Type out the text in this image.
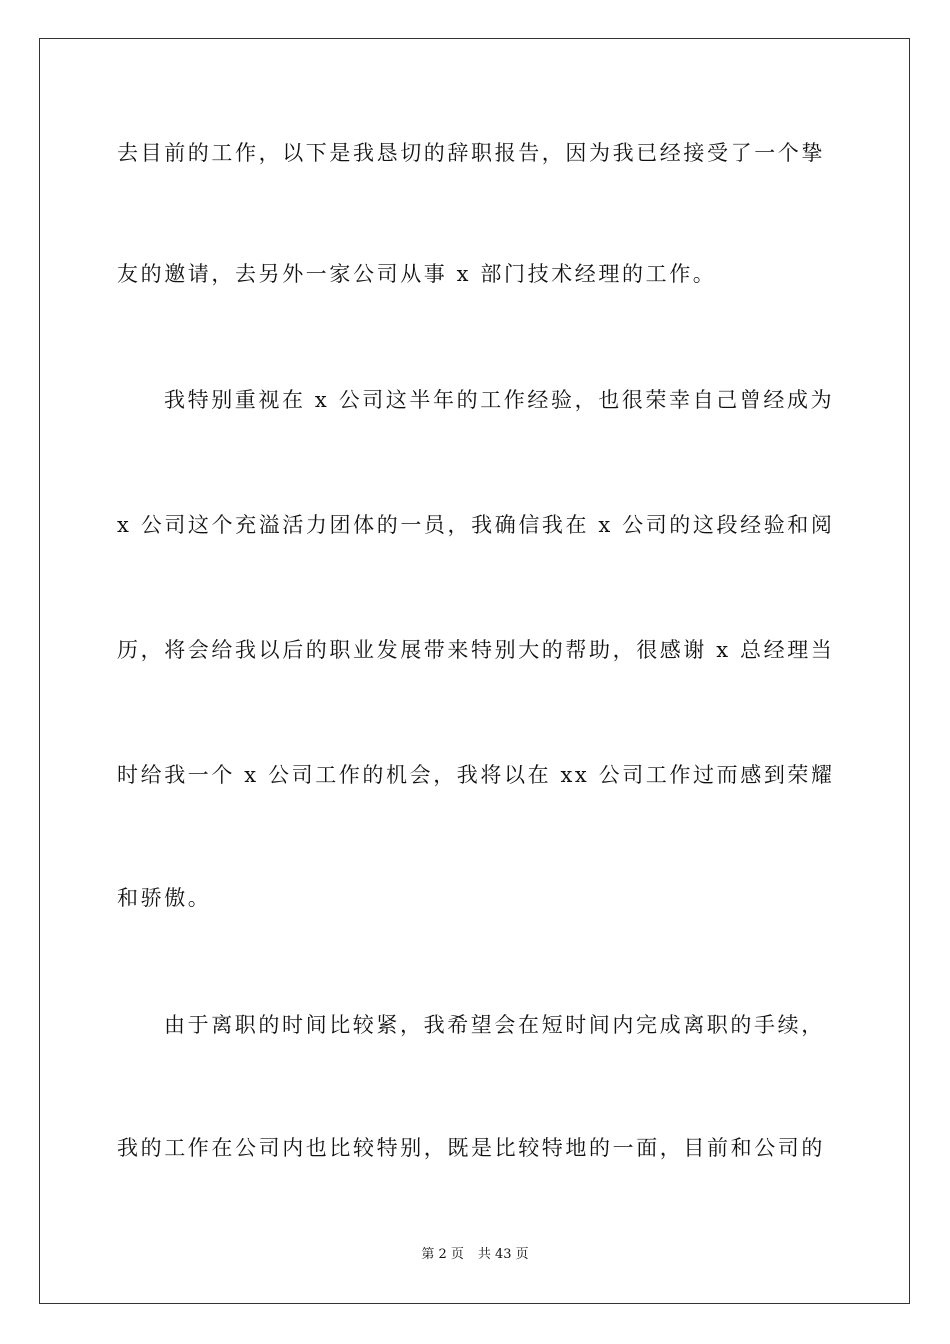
去目前的工作，以下是我恳切的辞职报告，因为我已经接受了一个挚
友的邀请，去另外一家公司从事 x 部门技术经理的工作。
我特别重视在 x 公司这半年的工作经验，也很荣幸自己曾经成为
x 公司这个充溢活力团体的一员，我确信我在 x 公司的这段经验和阅
历，将会给我以后的职业发展带来特别大的帮助，很感谢 x 总经理当
时给我一个 x 公司工作的机会，我将以在 xx 公司工作过而感到荣耀
和骄傲。
由于离职的时间比较紧，我希望会在短时间内完成离职的手续，
我的工作在公司内也比较特别，既是比较特地的一面，目前和公司的
第 2 页 共 43 页
